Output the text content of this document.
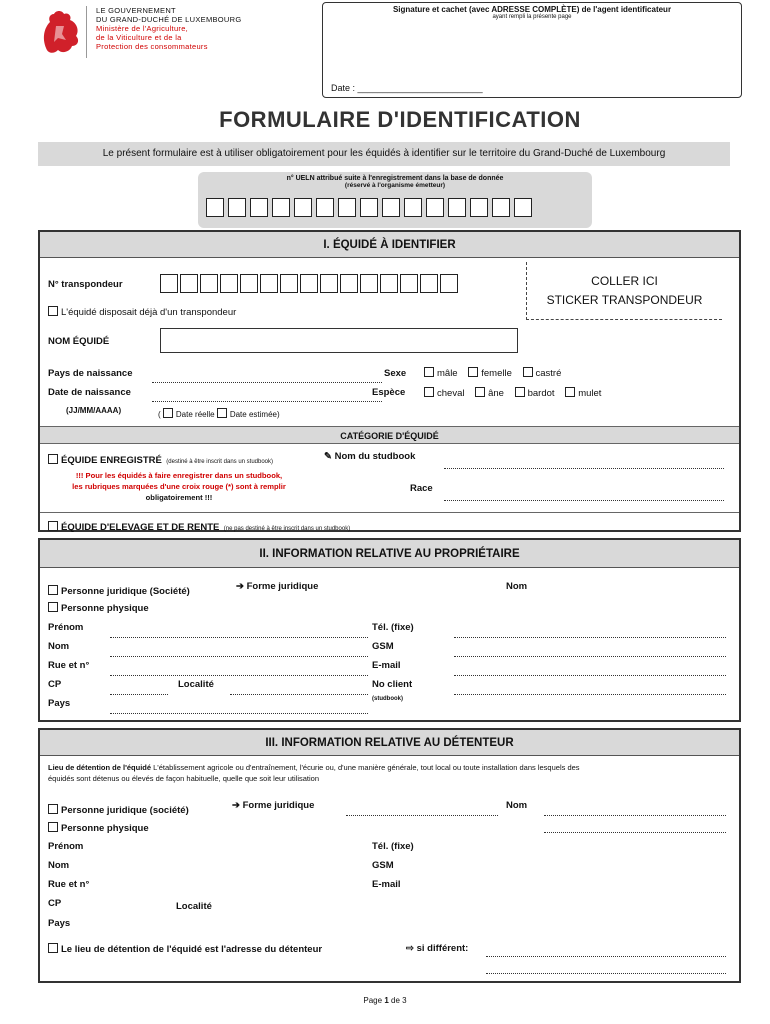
LE GOUVERNEMENT
DU GRAND-DUCHÉ DE LUXEMBOURG
Ministère de l'Agriculture,
de la Viticulture et de la
Protection des consommateurs
Signature et cachet (avec ADRESSE COMPLÈTE) de l'agent identificateur
ayant rempli la présente page
Date : _________________________
FORMULAIRE D'IDENTIFICATION
Le présent formulaire est à utiliser obligatoirement pour les équidés à identifier sur le territoire du Grand-Duché de Luxembourg
n° UELN attribué suite à l'enregistrement dans la base de donnée
(réservé à l'organisme émetteur)
I. ÉQUIDÉ À IDENTIFIER
N° transpondeur
L'équidé disposait déjà d'un transpondeur
COLLER ICI
STICKER TRANSPONDEUR
NOM ÉQUIDÉ
Pays de naissance
Date de naissance
(JJ/MM/AAAA)	( Date réelle Date estimée)
Sexe	mâle femelle castré
Espèce	cheval âne bardot mulet
CATÉGORIE D'ÉQUIDÉ
ÉQUIDE ENREGISTRÉ (destiné à être inscrit dans un studbook)	✎ Nom du studbook
!!! Pour les équidés à faire enregistrer dans un studbook,
les rubriques marquées d'une croix rouge (*) sont à remplir
obligatoirement !!!
Race
ÉQUIDE D'ELEVAGE ET DE RENTE (ne pas destiné à être inscrit dans un studbook)
II. INFORMATION RELATIVE AU PROPRIÉTAIRE
Personne juridique (Société)	➔ Forme juridique	Nom
Personne physique
Prénom
Nom
Rue et n°
CP	Localité
Pays
Tél. (fixe)
GSM
E-mail
No client
(studbook)
III. INFORMATION RELATIVE AU DÉTENTEUR
Lieu de détention de l'équidé L'établissement agricole ou d'entraînement, l'écurie ou, d'une manière générale, tout local ou toute installation dans lesquels des
équidés sont détenus ou élevés de façon habituelle, quelle que soit leur utilisation
Personne juridique (société)	➔ Forme juridique	Nom
Personne physique
Prénom
Nom
Rue et n°
CP	Localité
Pays
Tél. (fixe)
GSM
E-mail
Le lieu de détention de l'équidé est l'adresse du détenteur	⇨ si différent:
Page 1 de 3
